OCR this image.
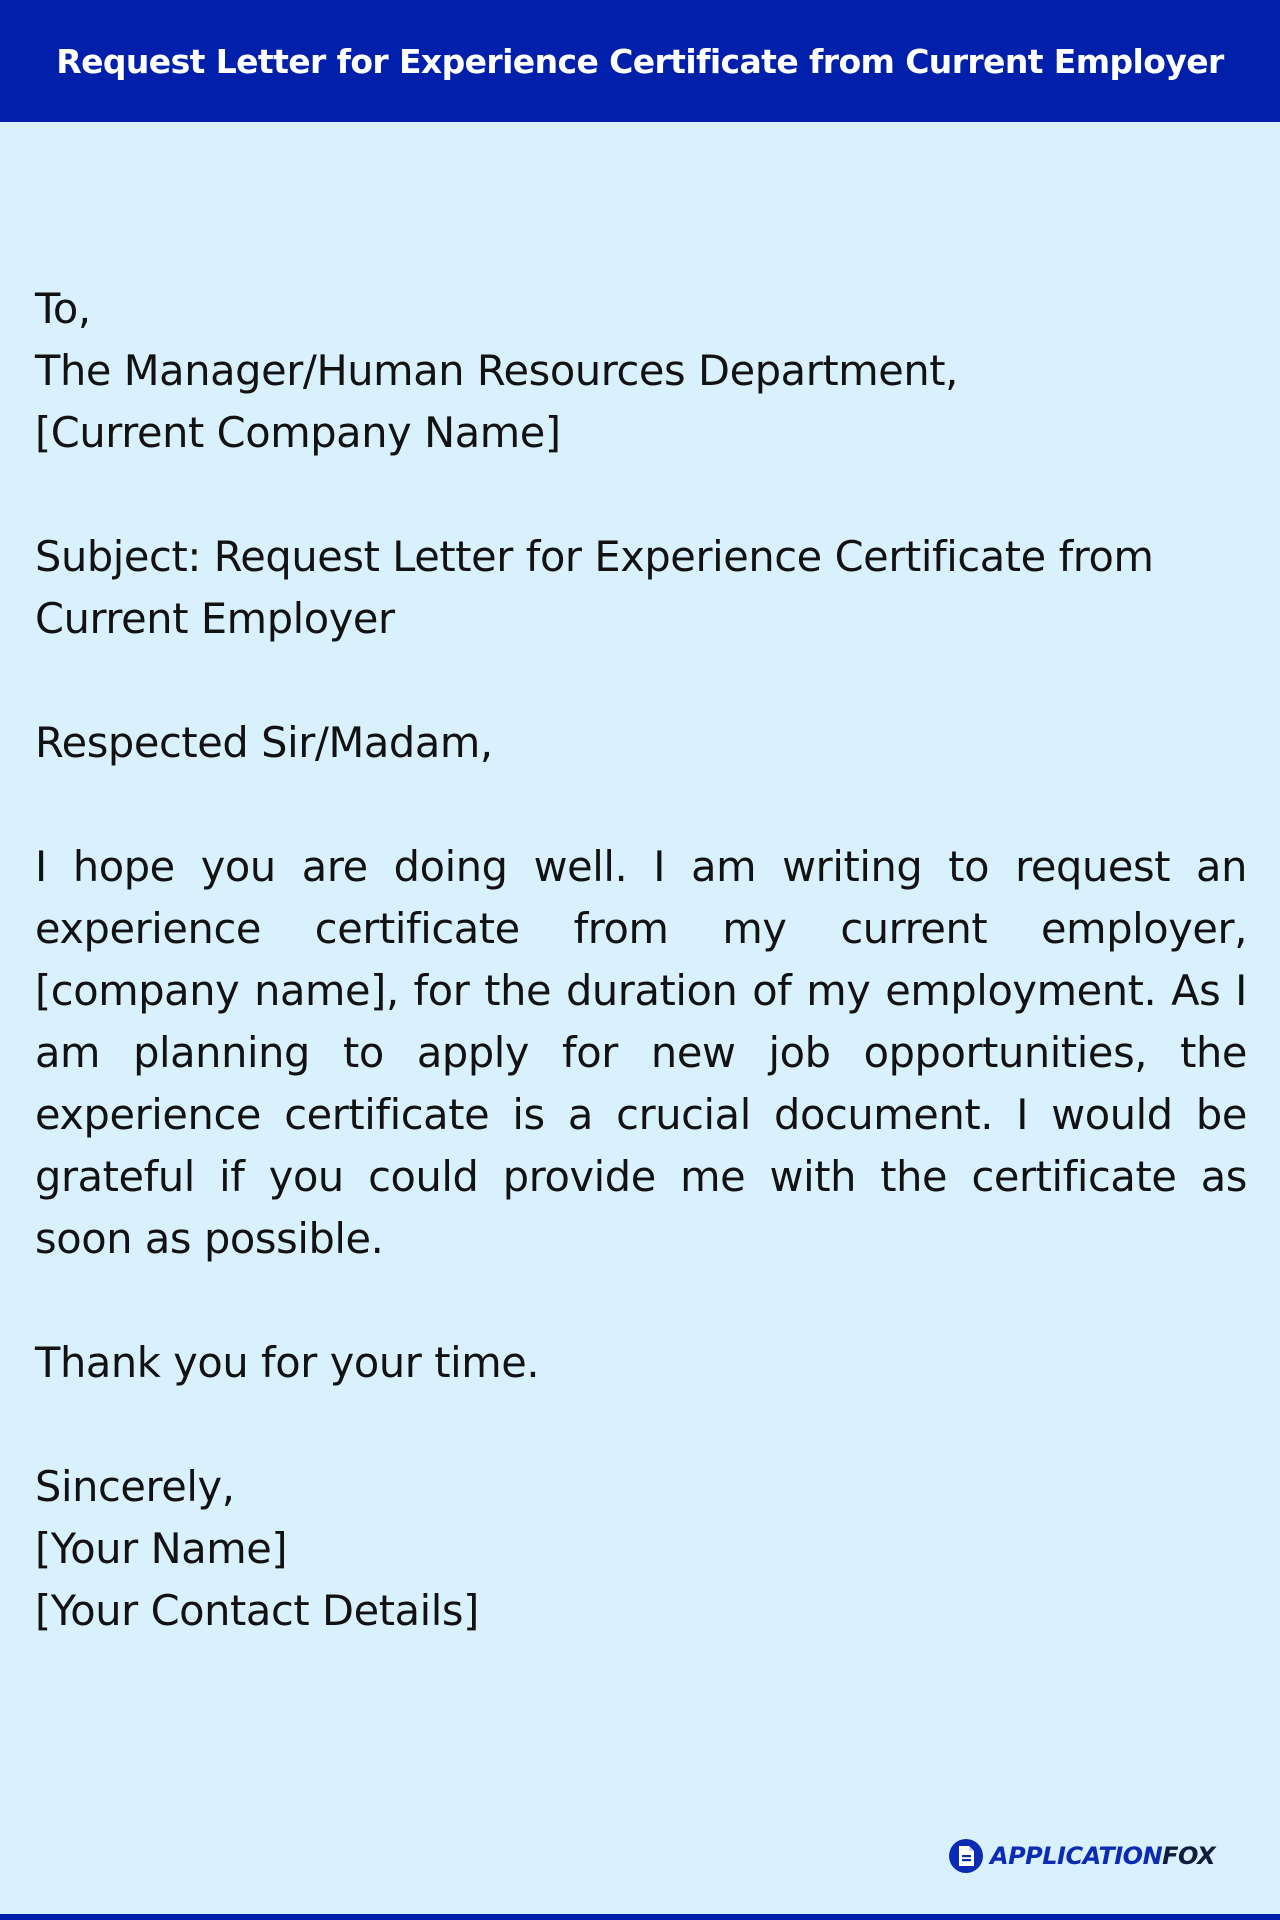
Request Letter for Experience Certificate from Current Employer
To,
The Manager/Human Resources Department,
[Current Company Name]
Subject: Request Letter for Experience Certificate from
Current Employer
Respected Sir/Madam,
I hope you are doing well. I am writing to request an experience certificate from my current employer, [company name], for the duration of my employment. As I am planning to apply for new job opportunities, the experience certificate is a crucial document. I would be grateful if you could provide me with the certificate as soon as possible.
Thank you for your time.
Sincerely,
[Your Name]
[Your Contact Details]
APPLICATIONFOX
